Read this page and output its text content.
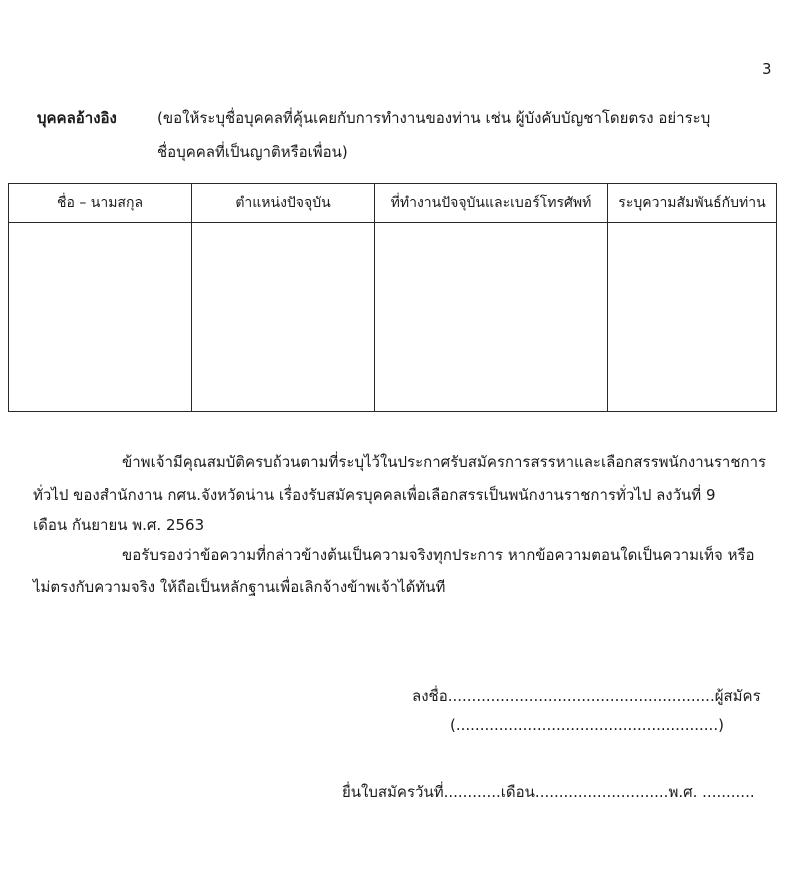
3
บุคคลอ้างอิง	(ขอให้ระบุชื่อบุคคลที่คุ้นเคยกับการทำงานของท่าน เช่น ผู้บังคับบัญชาโดยตรง อย่าระบุ
ชื่อบุคคลที่เป็นญาติหรือเพื่อน)
ชื่อ – นามสกุล	ตำแหน่งปัจจุบัน	ที่ทำงานปัจจุบันและเบอร์โทรศัพท์	ระบุความสัมพันธ์กับท่าน

ข้าพเจ้ามีคุณสมบัติครบถ้วนตามที่ระบุไว้ในประกาศรับสมัครการสรรหาและเลือกสรรพนักงานราชการ
ทั่วไป ของสำนักงาน กศน.จังหวัดน่าน เรื่องรับสมัครบุคคลเพื่อเลือกสรรเป็นพนักงานราชการทั่วไป ลงวันที่ 9
เดือน กันยายน พ.ศ. 2563
ขอรับรองว่าข้อความที่กล่าวข้างต้นเป็นความจริงทุกประการ หากข้อความตอนใดเป็นความเท็จ หรือ
ไม่ตรงกับความจริง ให้ถือเป็นหลักฐานเพื่อเลิกจ้างข้าพเจ้าได้ทันที
ลงชื่อ........................................................ผู้สมัคร
(.......................................................)
ยื่นใบสมัครวันที่............เดือน............................พ.ศ. ...........
